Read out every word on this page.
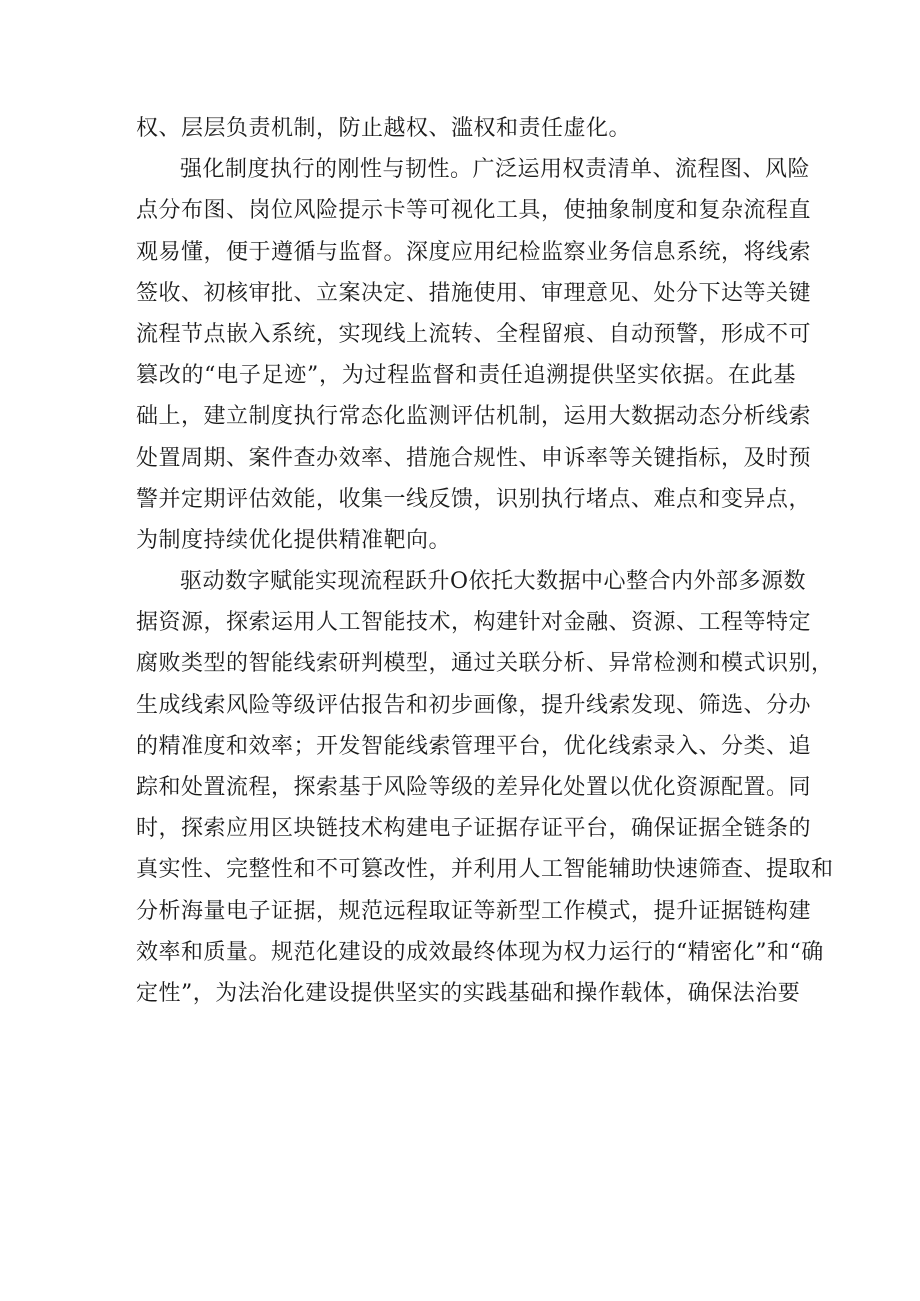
权、层层负责机制，防止越权、滥权和责任虚化。
强化制度执行的刚性与韧性。广泛运用权责清单、流程图、风险
点分布图、岗位风险提示卡等可视化工具，使抽象制度和复杂流程直
观易懂，便于遵循与监督。深度应用纪检监察业务信息系统，将线索
签收、初核审批、立案决定、措施使用、审理意见、处分下达等关键
流程节点嵌入系统，实现线上流转、全程留痕、自动预警，形成不可
篡改的“电子足迹”，为过程监督和责任追溯提供坚实依据。在此基
础上，建立制度执行常态化监测评估机制，运用大数据动态分析线索
处置周期、案件查办效率、措施合规性、申诉率等关键指标，及时预
警并定期评估效能，收集一线反馈，识别执行堵点、难点和变异点，
为制度持续优化提供精准靶向。
驱动数字赋能实现流程跃升O依托大数据中心整合内外部多源数
据资源，探索运用人工智能技术，构建针对金融、资源、工程等特定
腐败类型的智能线索研判模型，通过关联分析、异常检测和模式识别，
生成线索风险等级评估报告和初步画像，提升线索发现、筛选、分办
的精准度和效率；开发智能线索管理平台，优化线索录入、分类、追
踪和处置流程，探索基于风险等级的差异化处置以优化资源配置。同
时，探索应用区块链技术构建电子证据存证平台，确保证据全链条的
真实性、完整性和不可篡改性，并利用人工智能辅助快速筛查、提取和
分析海量电子证据，规范远程取证等新型工作模式，提升证据链构建
效率和质量。规范化建设的成效最终体现为权力运行的“精密化”和“确
定性”，为法治化建设提供坚实的实践基础和操作载体，确保法治要
